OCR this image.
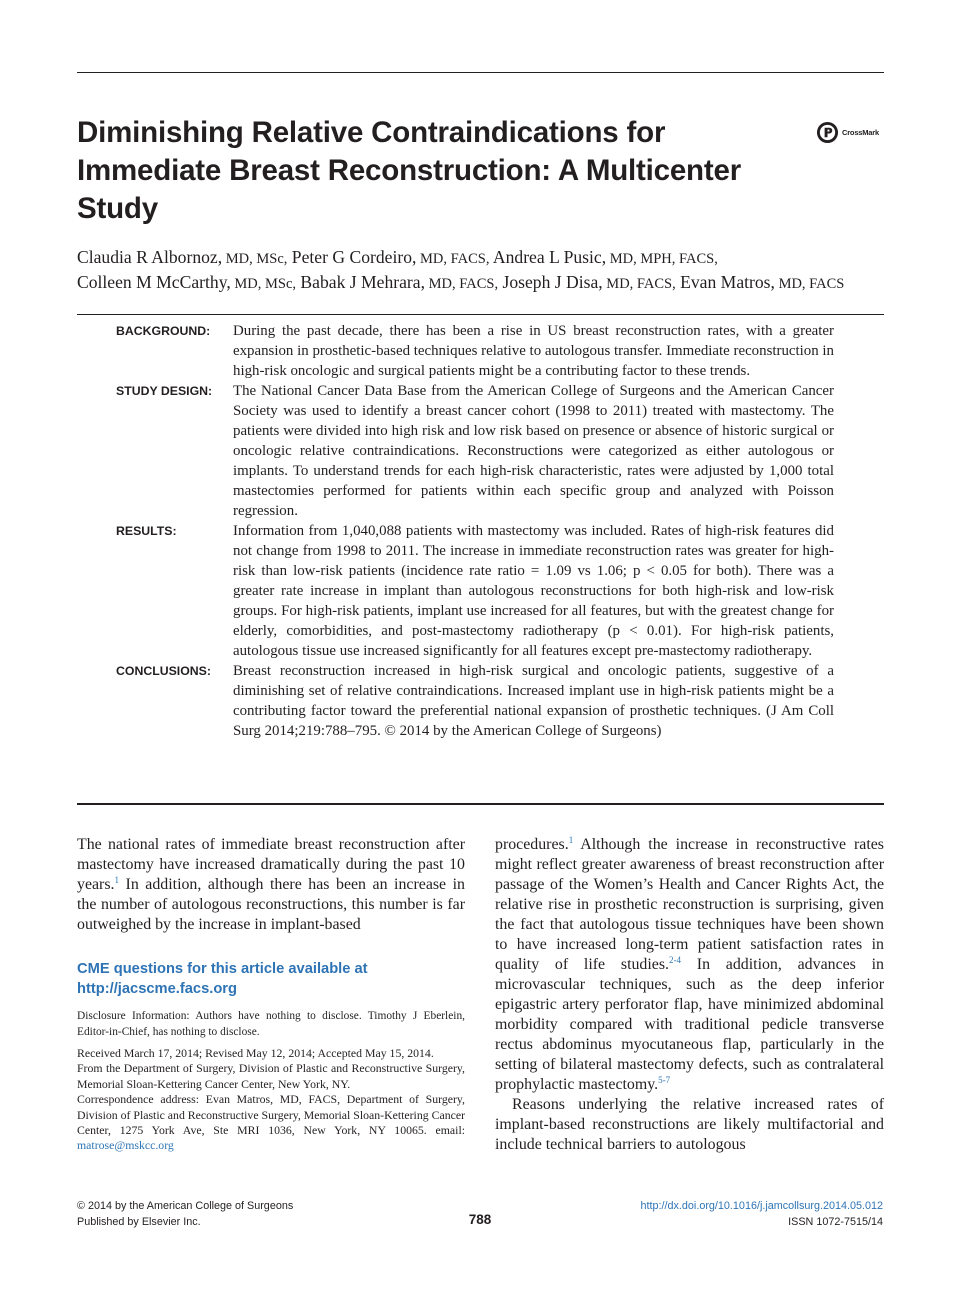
Diminishing Relative Contraindications for Immediate Breast Reconstruction: A Multicenter Study
CrossMark
Claudia R Albornoz, MD, MSc, Peter G Cordeiro, MD, FACS, Andrea L Pusic, MD, MPH, FACS,
Colleen M McCarthy, MD, MSc, Babak J Mehrara, MD, FACS, Joseph J Disa, MD, FACS, Evan Matros, MD, FACS
BACKGROUND:	During the past decade, there has been a rise in US breast reconstruction rates, with a greater expansion in prosthetic-based techniques relative to autologous transfer. Immediate reconstruction in high-risk oncologic and surgical patients might be a contributing factor to these trends.
STUDY DESIGN:	The National Cancer Data Base from the American College of Surgeons and the American Cancer Society was used to identify a breast cancer cohort (1998 to 2011) treated with mastectomy. The patients were divided into high risk and low risk based on presence or absence of historic surgical or oncologic relative contraindications. Reconstructions were categorized as either autologous or implants. To understand trends for each high-risk characteristic, rates were adjusted by 1,000 total mastectomies performed for patients within each specific group and analyzed with Poisson regression.
RESULTS:	Information from 1,040,088 patients with mastectomy was included. Rates of high-risk features did not change from 1998 to 2011. The increase in immediate reconstruction rates was greater for high-risk than low-risk patients (incidence rate ratio = 1.09 vs 1.06; p < 0.05 for both). There was a greater rate increase in implant than autologous reconstructions for both high-risk and low-risk groups. For high-risk patients, implant use increased for all features, but with the greatest change for elderly, comorbidities, and post-mastectomy radiotherapy (p < 0.01). For high-risk patients, autologous tissue use increased significantly for all features except pre-mastectomy radiotherapy.
CONCLUSIONS:	Breast reconstruction increased in high-risk surgical and oncologic patients, suggestive of a diminishing set of relative contraindications. Increased implant use in high-risk patients might be a contributing factor toward the preferential national expansion of prosthetic techniques. (J Am Coll Surg 2014;219:788–795. © 2014 by the American College of Surgeons)

The national rates of immediate breast reconstruction after mastectomy have increased dramatically during the past 10 years.$^1$ In addition, although there has been an increase in the number of autologous reconstructions, this number is far outweighed by the increase in implant-based

CME questions for this article available at
http://jacscme.facs.org
Disclosure Information: Authors have nothing to disclose. Timothy J Eberlein, Editor-in-Chief, has nothing to disclose.
Received March 17, 2014; Revised May 12, 2014; Accepted May 15, 2014.
From the Department of Surgery, Division of Plastic and Reconstructive Surgery, Memorial Sloan-Kettering Cancer Center, New York, NY.
Correspondence address: Evan Matros, MD, FACS, Department of Surgery, Division of Plastic and Reconstructive Surgery, Memorial Sloan-Kettering Cancer Center, 1275 York Ave, Ste MRI 1036, New York, NY 10065. email: matrose@mskcc.org

procedures.$^1$ Although the increase in reconstructive rates might reflect greater awareness of breast reconstruction after passage of the Women’s Health and Cancer Rights Act, the relative rise in prosthetic reconstruction is surprising, given the fact that autologous tissue techniques have been shown to have increased long-term patient satisfaction rates in quality of life studies.$^{2-4}$ In addition, advances in microvascular techniques, such as the deep inferior epigastric artery perforator flap, have minimized abdominal morbidity compared with traditional pedicle transverse rectus abdominus myocutaneous flap, particularly in the setting of bilateral mastectomy defects, such as contralateral prophylactic mastectomy.$^{5-7}$

Reasons underlying the relative increased rates of implant-based reconstructions are likely multifactorial and include technical barriers to autologous

© 2014 by the American College of Surgeons
Published by Elsevier Inc.	788
http://dx.doi.org/10.1016/j.jamcollsurg.2014.05.012
ISSN 1072-7515/14
